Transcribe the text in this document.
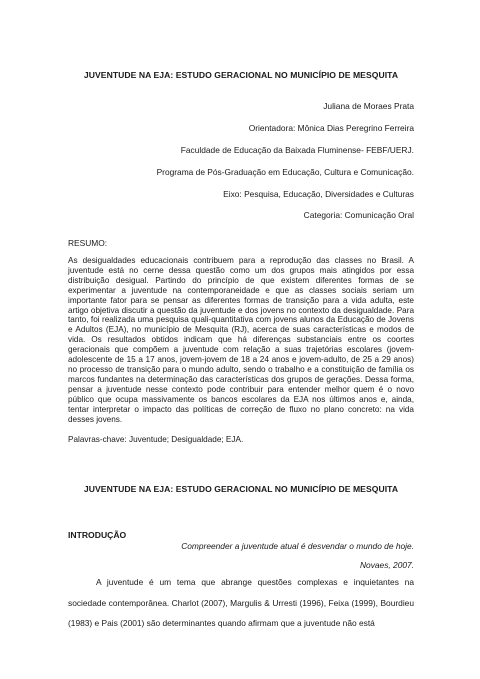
JUVENTUDE NA EJA: ESTUDO GERACIONAL NO MUNICÍPIO DE MESQUITA

Juliana de Moraes Prata
Orientadora: Mônica Dias Peregrino Ferreira
Faculdade de Educação da Baixada Fluminense- FEBF/UERJ.
Programa de Pós-Graduação em Educação, Cultura e Comunicação.
Eixo: Pesquisa, Educação, Diversidades e Culturas
Categoria: Comunicação Oral
RESUMO:

As desigualdades educacionais contribuem para a reprodução das classes no Brasil. A juventude está no cerne dessa questão como um dos grupos mais atingidos por essa distribuição desigual. Partindo do princípio de que existem diferentes formas de se experimentar a juventude na contemporaneidade e que as classes sociais seriam um importante fator para se pensar as diferentes formas de transição para a vida adulta, este artigo objetiva discutir a questão da juventude e dos jovens no contexto da desigualdade. Para tanto, foi realizada uma pesquisa quali-quantitativa com jovens alunos da Educação de Jovens e Adultos (EJA), no município de Mesquita (RJ), acerca de suas características e modos de vida. Os resultados obtidos indicam que há diferenças substanciais entre os coortes geracionais que compõem a juventude com relação a suas trajetórias escolares (jovem-adolescente de 15 a 17 anos, jovem-jovem de 18 a 24 anos e jovem-adulto, de 25 a 29 anos) no processo de transição para o mundo adulto, sendo o trabalho e a constituição de família os marcos fundantes na determinação das características dos grupos de gerações. Dessa forma, pensar a juventude nesse contexto pode contribuir para entender melhor quem é o novo público que ocupa massivamente os bancos escolares da EJA nos últimos anos e, ainda, tentar interpretar o impacto das políticas de correção de fluxo no plano concreto: na vida desses jovens.

Palavras-chave: Juventude; Desigualdade; EJA.

JUVENTUDE NA EJA: ESTUDO GERACIONAL NO MUNICÍPIO DE MESQUITA

INTRODUÇÃO
Compreender a juventude atual é desvendar o mundo de hoje.
Novaes, 2007.

A juventude é um tema que abrange questões complexas e inquietantes na sociedade contemporânea. Charlot (2007), Margulis & Urresti (1996), Feixa (1999), Bourdieu (1983) e Pais (2001) são determinantes quando afirmam que a juventude não está
